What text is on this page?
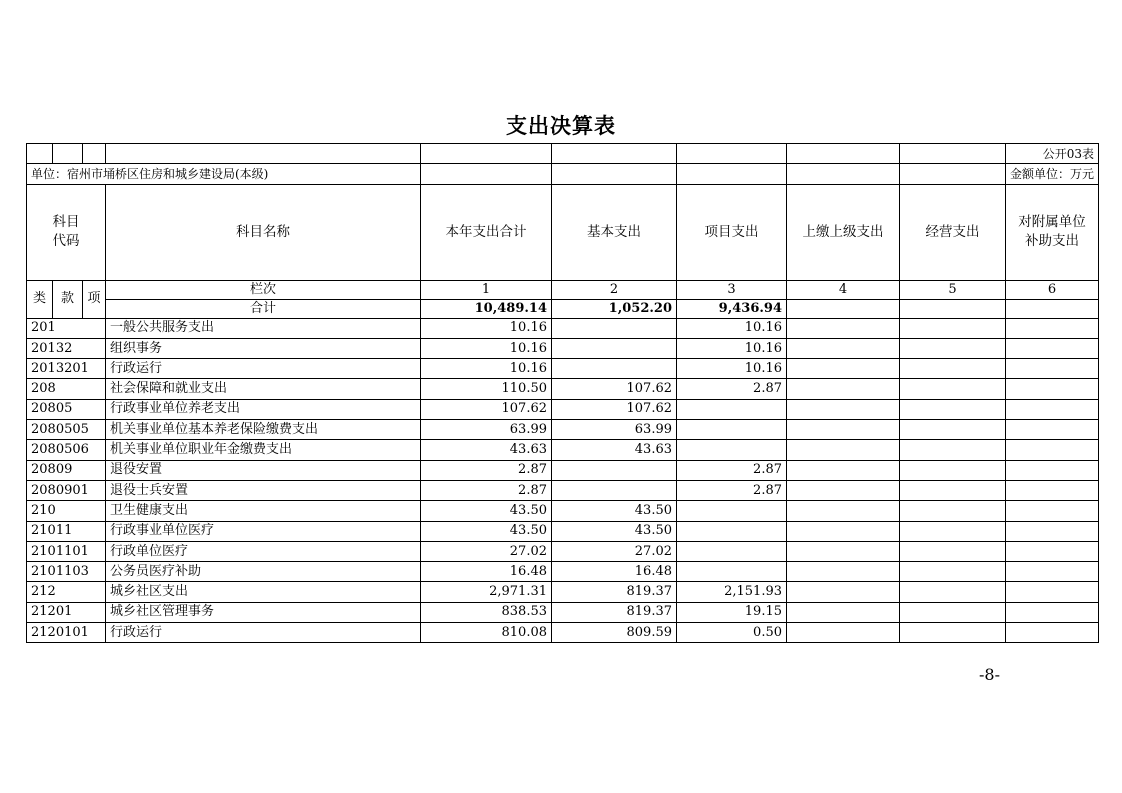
支出决算表
									公开03表
单位：宿州市埇桥区住房和城乡建设局(本级)									金额单位：万元
科目
代码			科目名称	本年支出合计	基本支出	项目支出	上缴上级支出	经营支出	对附属单位
补助支出
类	款	项	栏次	1	2	3	4	5	6
			合计	10,489.14	1,052.20	9,436.94			
201			一般公共服务支出	10.16		10.16			
20132			组织事务	10.16		10.16			
2013201			行政运行	10.16		10.16			
208			社会保障和就业支出	110.50	107.62	2.87			
20805			行政事业单位养老支出	107.62	107.62				
2080505			机关事业单位基本养老保险缴费支出	63.99	63.99				
2080506			机关事业单位职业年金缴费支出	43.63	43.63				
20809			退役安置	2.87		2.87			
2080901			退役士兵安置	2.87		2.87			
210			卫生健康支出	43.50	43.50				
21011			行政事业单位医疗	43.50	43.50				
2101101			行政单位医疗	27.02	27.02				
2101103			公务员医疗补助	16.48	16.48				
212			城乡社区支出	2,971.31	819.37	2,151.93			
21201			城乡社区管理事务	838.53	819.37	19.15			
2120101			行政运行	810.08	809.59	0.50			
-8-
